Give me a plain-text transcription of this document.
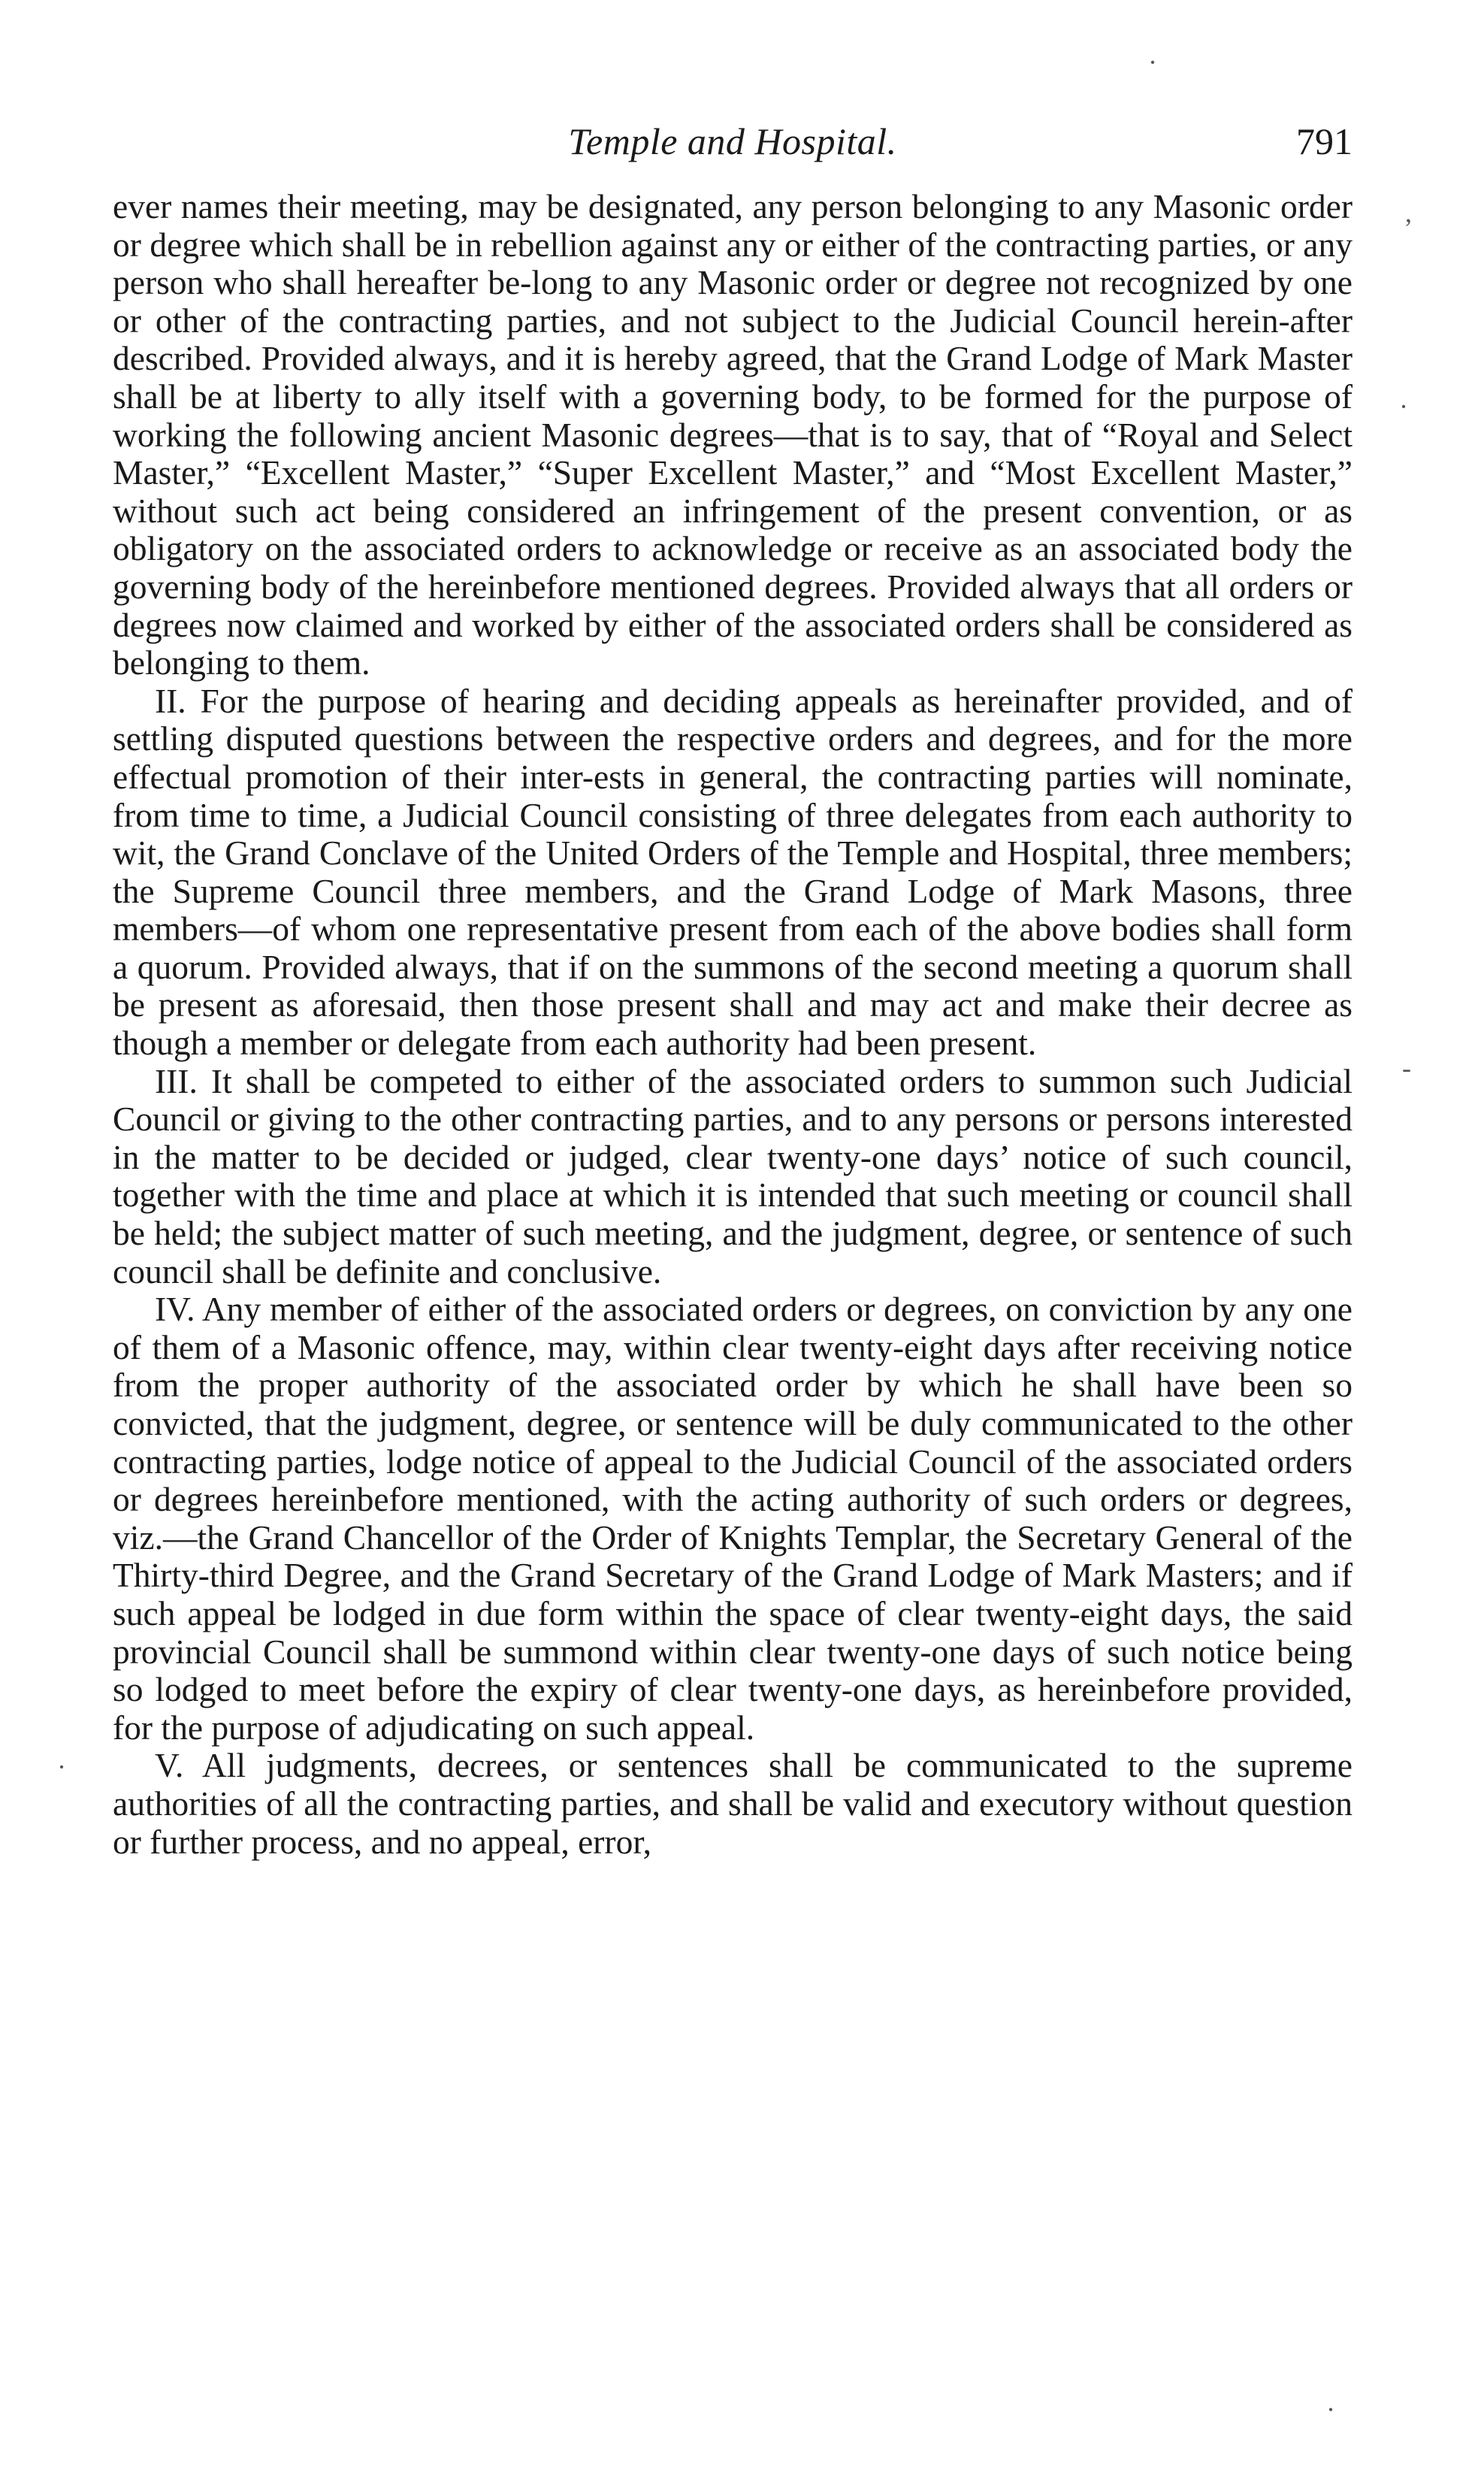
Temple and Hospital.	791

ever names their meeting, may be designated, any person belonging to any Masonic order or degree which shall be in rebellion against any or either of the contracting parties, or any person who shall hereafter be-long to any Masonic order or degree not recognized by one or other of the contracting parties, and not subject to the Judicial Council herein-after described. Provided always, and it is hereby agreed, that the Grand Lodge of Mark Master shall be at liberty to ally itself with a governing body, to be formed for the purpose of working the following ancient Masonic degrees—that is to say, that of “Royal and Select Master,” “Excellent Master,” “Super Excellent Master,” and “Most Excellent Master,” without such act being considered an infringement of the present convention, or as obligatory on the associated orders to acknowledge or receive as an associated body the governing body of the hereinbefore mentioned degrees. Provided always that all orders or degrees now claimed and worked by either of the associated orders shall be considered as belonging to them.

II. For the purpose of hearing and deciding appeals as hereinafter provided, and of settling disputed questions between the respective orders and degrees, and for the more effectual promotion of their inter-ests in general, the contracting parties will nominate, from time to time, a Judicial Council consisting of three delegates from each authority to wit, the Grand Conclave of the United Orders of the Temple and Hospital, three members; the Supreme Council three members, and the Grand Lodge of Mark Masons, three members—of whom one representative present from each of the above bodies shall form a quorum. Provided always, that if on the summons of the second meeting a quorum shall be present as aforesaid, then those present shall and may act and make their decree as though a member or delegate from each authority had been present.

III. It shall be competed to either of the associated orders to summon such Judicial Council or giving to the other contracting parties, and to any persons or persons interested in the matter to be decided or judged, clear twenty-one days’ notice of such council, together with the time and place at which it is intended that such meeting or council shall be held; the subject matter of such meeting, and the judgment, degree, or sentence of such council shall be definite and conclusive.

IV. Any member of either of the associated orders or degrees, on conviction by any one of them of a Masonic offence, may, within clear twenty-eight days after receiving notice from the proper authority of the associated order by which he shall have been so convicted, that the judgment, degree, or sentence will be duly communicated to the other contracting parties, lodge notice of appeal to the Judicial Council of the associated orders or degrees hereinbefore mentioned, with the acting authority of such orders or degrees, viz.—the Grand Chancellor of the Order of Knights Templar, the Secretary General of the Thirty-third Degree, and the Grand Secretary of the Grand Lodge of Mark Masters; and if such appeal be lodged in due form within the space of clear twenty-eight days, the said provincial Council shall be summond within clear twenty-one days of such notice being so lodged to meet before the expiry of clear twenty-one days, as hereinbefore provided, for the purpose of adjudicating on such appeal.

V. All judgments, decrees, or sentences shall be communicated to the supreme authorities of all the contracting parties, and shall be valid and executory without question or further process, and no appeal, error,

·
,
·
-
·
·
